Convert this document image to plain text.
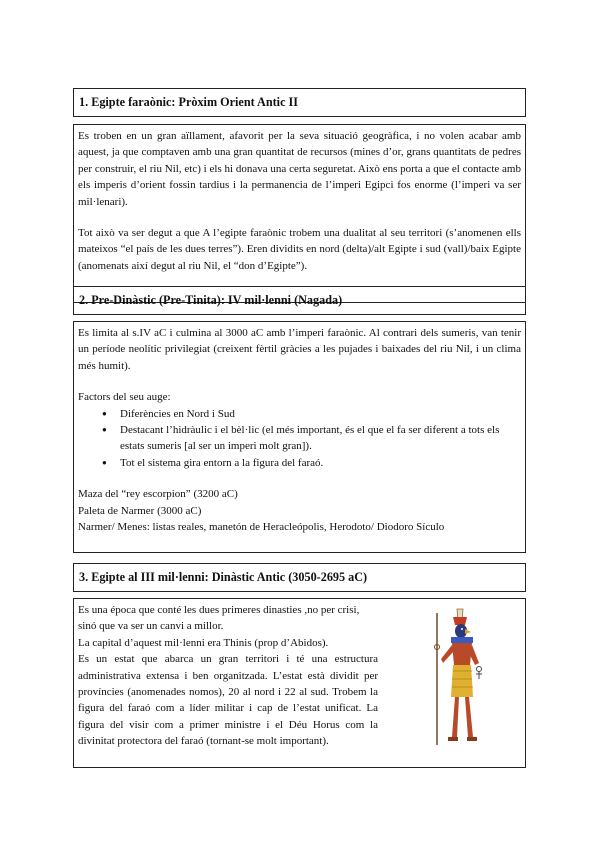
1. Egipte faraònic: Pròxim Orient Antic II

Es troben en un gran aïllament, afavorit per la seva situació geogràfica, i no volen acabar amb aquest, ja que comptaven amb una gran quantitat de recursos (mines d’or, grans quantitats de pedres per construir, el riu Nil, etc) i els hi donava una certa seguretat. Això ens porta a que el contacte amb els imperis d’orient fossin tardius i la permanencia de l’imperi Egipci fos enorme (l’imperi va ser mil·lenari).

Tot això va ser degut a que A l’egipte faraònic trobem una dualitat al seu territori (s’anomenen ells mateixos “el país de les dues terres”). Eren dividits en nord (delta)/alt Egipte i sud (vall)/baix Egipte (anomenats així degut al riu Nil, el “don d’Egipte”).

2. Pre-Dinàstic (Pre-Tinita): IV mil·lenni (Nagada)

Es limita al s.IV aC i culmina al 3000 aC amb l’imperi faraònic. Al contrari dels sumeris, van tenir un període neolític privilegiat (creixent fèrtil gràcies a les pujades i baixades del riu Nil, i un clima més humit).

Factors del seu auge:

● Diferències en Nord i Sud
● Destacant l’hidràulic i el bèl·lic (el més important, és el que el fa ser diferent a tots els estats sumeris [al ser un imperi molt gran]).
● Tot el sistema gira entorn a la figura del faraó.

Maza del “rey escorpion” (3200 aC)

Paleta de Narmer (3000 aC)

Narmer/ Menes: listas reales, manetón de Heracleópolis, Herodoto/ Diodoro Sículo

3. Egipte al III mil·lenni: Dinàstic Antic (3050-2695 aC)

Es una época que conté les dues primeres dinasties ,no per crisi, sinó que va ser un canvi a millor.

La capital d’aquest mil·lenni era Thinis (prop d’Abidos).

Es un estat que abarca un gran territori i té una estructura administrativa extensa i ben organitzada. L’estat està dividit per províncies (anomenades nomos), 20 al nord i 22 al sud. Trobem la figura del faraó com a líder militar i cap de l’estat unificat. La figura del visir com a primer ministre i el Déu Horus com la divinitat protectora del faraó (tornant-se molt important).
